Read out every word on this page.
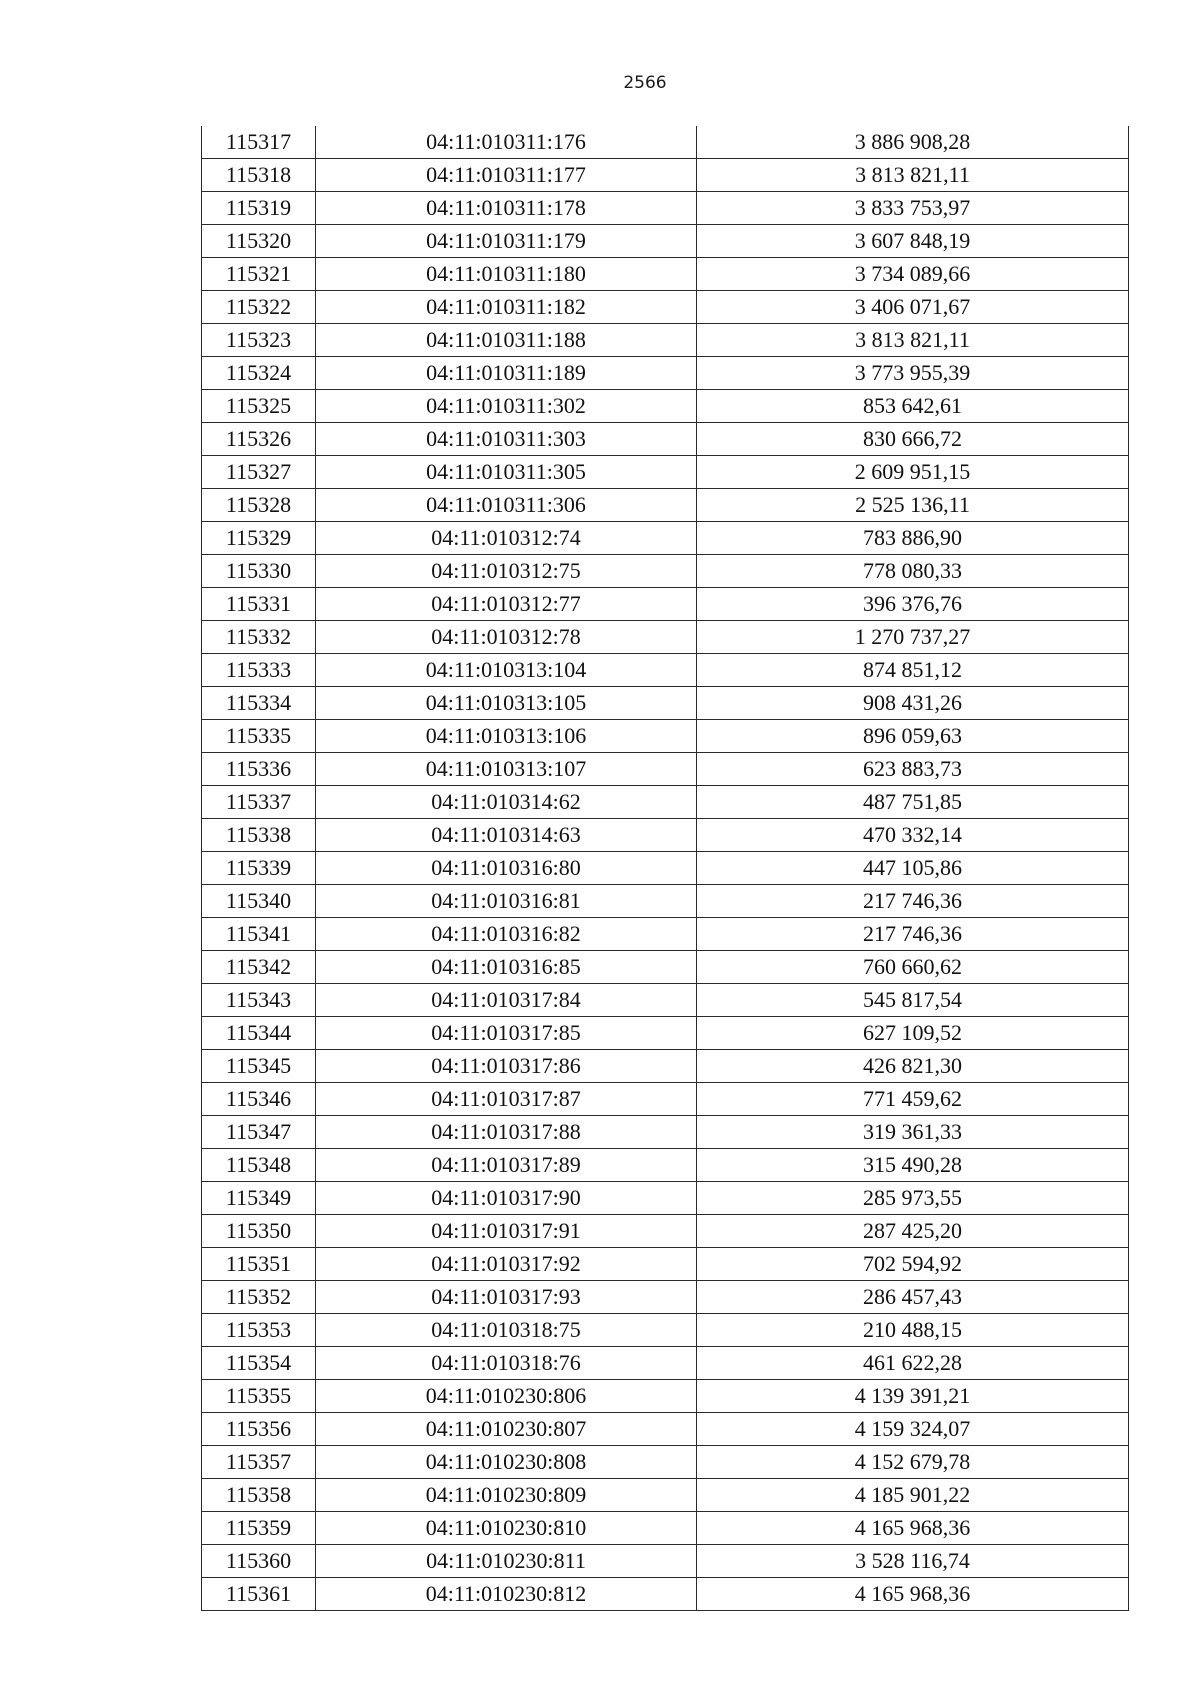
2566
115317	04:11:010311:176	3 886 908,28
115318	04:11:010311:177	3 813 821,11
115319	04:11:010311:178	3 833 753,97
115320	04:11:010311:179	3 607 848,19
115321	04:11:010311:180	3 734 089,66
115322	04:11:010311:182	3 406 071,67
115323	04:11:010311:188	3 813 821,11
115324	04:11:010311:189	3 773 955,39
115325	04:11:010311:302	853 642,61
115326	04:11:010311:303	830 666,72
115327	04:11:010311:305	2 609 951,15
115328	04:11:010311:306	2 525 136,11
115329	04:11:010312:74	783 886,90
115330	04:11:010312:75	778 080,33
115331	04:11:010312:77	396 376,76
115332	04:11:010312:78	1 270 737,27
115333	04:11:010313:104	874 851,12
115334	04:11:010313:105	908 431,26
115335	04:11:010313:106	896 059,63
115336	04:11:010313:107	623 883,73
115337	04:11:010314:62	487 751,85
115338	04:11:010314:63	470 332,14
115339	04:11:010316:80	447 105,86
115340	04:11:010316:81	217 746,36
115341	04:11:010316:82	217 746,36
115342	04:11:010316:85	760 660,62
115343	04:11:010317:84	545 817,54
115344	04:11:010317:85	627 109,52
115345	04:11:010317:86	426 821,30
115346	04:11:010317:87	771 459,62
115347	04:11:010317:88	319 361,33
115348	04:11:010317:89	315 490,28
115349	04:11:010317:90	285 973,55
115350	04:11:010317:91	287 425,20
115351	04:11:010317:92	702 594,92
115352	04:11:010317:93	286 457,43
115353	04:11:010318:75	210 488,15
115354	04:11:010318:76	461 622,28
115355	04:11:010230:806	4 139 391,21
115356	04:11:010230:807	4 159 324,07
115357	04:11:010230:808	4 152 679,78
115358	04:11:010230:809	4 185 901,22
115359	04:11:010230:810	4 165 968,36
115360	04:11:010230:811	3 528 116,74
115361	04:11:010230:812	4 165 968,36
